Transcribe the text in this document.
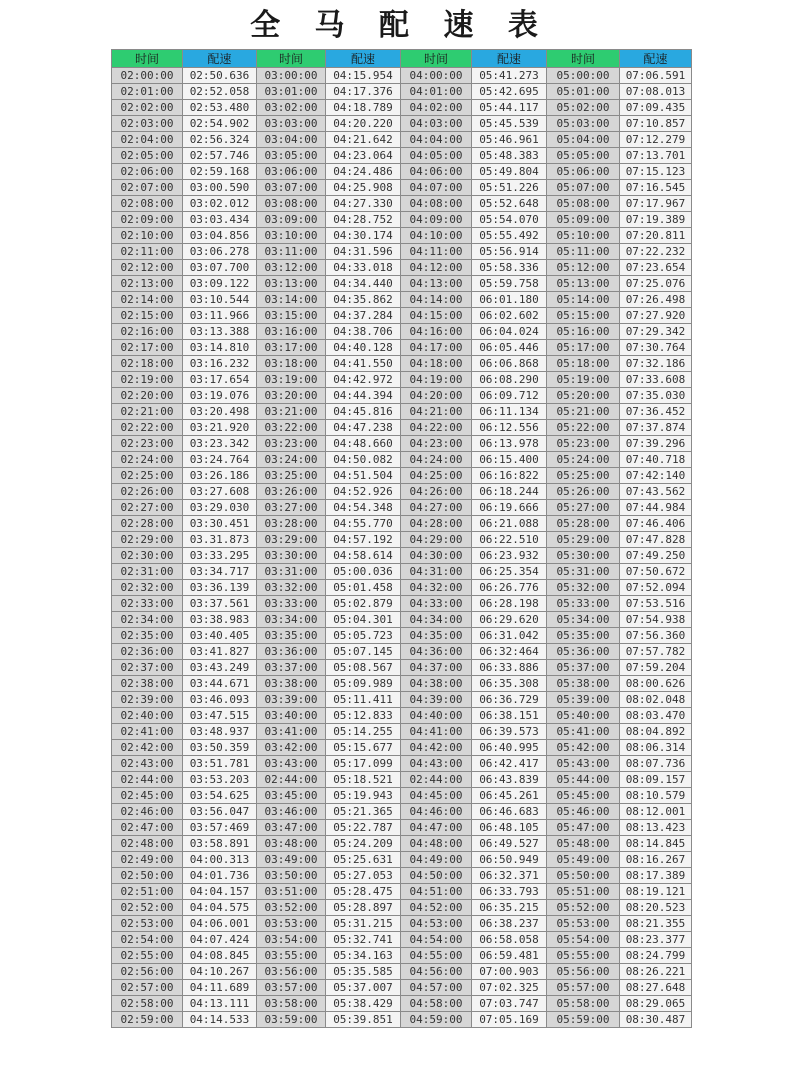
全 马 配 速 表
时间	配速	时间	配速	时间	配速	时间	配速
02:00:00	02:50.636	03:00:00	04:15.954	04:00:00	05:41.273	05:00:00	07:06.591
02:01:00	02:52.058	03:01:00	04:17.376	04:01:00	05:42.695	05:01:00	07:08.013
02:02:00	02:53.480	03:02:00	04:18.789	04:02:00	05:44.117	05:02:00	07:09.435
02:03:00	02:54.902	03:03:00	04:20.220	04:03:00	05:45.539	05:03:00	07:10.857
02:04:00	02:56.324	03:04:00	04:21.642	04:04:00	05:46.961	05:04:00	07:12.279
02:05:00	02:57.746	03:05:00	04:23.064	04:05:00	05:48.383	05:05:00	07:13.701
02:06:00	02:59.168	03:06:00	04:24.486	04:06:00	05:49.804	05:06:00	07:15.123
02:07:00	03:00.590	03:07:00	04:25.908	04:07:00	05:51.226	05:07:00	07:16.545
02:08:00	03:02.012	03:08:00	04:27.330	04:08:00	05:52.648	05:08:00	07:17.967
02:09:00	03:03.434	03:09:00	04:28.752	04:09:00	05:54.070	05:09:00	07:19.389
02:10:00	03:04.856	03:10:00	04:30.174	04:10:00	05:55.492	05:10:00	07:20.811
02:11:00	03:06.278	03:11:00	04:31.596	04:11:00	05:56.914	05:11:00	07:22.232
02:12:00	03:07.700	03:12:00	04:33.018	04:12:00	05:58.336	05:12:00	07:23.654
02:13:00	03:09.122	03:13:00	04:34.440	04:13:00	05:59.758	05:13:00	07:25.076
02:14:00	03:10.544	03:14:00	04:35.862	04:14:00	06:01.180	05:14:00	07:26.498
02:15:00	03:11.966	03:15:00	04:37.284	04:15:00	06:02.602	05:15:00	07:27.920
02:16:00	03:13.388	03:16:00	04:38.706	04:16:00	06:04.024	05:16:00	07:29.342
02:17:00	03:14.810	03:17:00	04:40.128	04:17:00	06:05.446	05:17:00	07:30.764
02:18:00	03:16.232	03:18:00	04:41.550	04:18:00	06:06.868	05:18:00	07:32.186
02:19:00	03:17.654	03:19:00	04:42.972	04:19:00	06:08.290	05:19:00	07:33.608
02:20:00	03:19.076	03:20:00	04:44.394	04:20:00	06:09.712	05:20:00	07:35.030
02:21:00	03:20.498	03:21:00	04:45.816	04:21:00	06:11.134	05:21:00	07:36.452
02:22:00	03:21.920	03:22:00	04:47.238	04:22:00	06:12.556	05:22:00	07:37.874
02:23:00	03:23.342	03:23:00	04:48.660	04:23:00	06:13.978	05:23:00	07:39.296
02:24:00	03:24.764	03:24:00	04:50.082	04:24:00	06:15.400	05:24:00	07:40.718
02:25:00	03:26.186	03:25:00	04:51.504	04:25:00	06:16:822	05:25:00	07:42:140
02:26:00	03:27.608	03:26:00	04:52.926	04:26:00	06:18.244	05:26:00	07:43.562
02:27:00	03:29.030	03:27:00	04:54.348	04:27:00	06:19.666	05:27:00	07:44.984
02:28:00	03:30.451	03:28:00	04:55.770	04:28:00	06:21.088	05:28:00	07:46.406
02:29:00	03.31.873	03:29:00	04:57.192	04:29:00	06:22.510	05:29:00	07:47.828
02:30:00	03:33.295	03:30:00	04:58.614	04:30:00	06:23.932	05:30:00	07:49.250
02:31:00	03:34.717	03:31:00	05:00.036	04:31:00	06:25.354	05:31:00	07:50.672
02:32:00	03:36.139	03:32:00	05:01.458	04:32:00	06:26.776	05:32:00	07:52.094
02:33:00	03:37.561	03:33:00	05:02.879	04:33:00	06:28.198	05:33:00	07:53.516
02:34:00	03:38.983	03:34:00	05:04.301	04:34:00	06:29.620	05:34:00	07:54.938
02:35:00	03:40.405	03:35:00	05:05.723	04:35:00	06:31.042	05:35:00	07:56.360
02:36:00	03:41.827	03:36:00	05:07.145	04:36:00	06:32:464	05:36:00	07:57.782
02:37:00	03:43.249	03:37:00	05:08.567	04:37:00	06:33.886	05:37:00	07:59.204
02:38:00	03:44.671	03:38:00	05:09.989	04:38:00	06:35.308	05:38:00	08:00.626
02:39:00	03:46.093	03:39:00	05:11.411	04:39:00	06:36.729	05:39:00	08:02.048
02:40:00	03:47.515	03:40:00	05:12.833	04:40:00	06:38.151	05:40:00	08:03.470
02:41:00	03:48.937	03:41:00	05:14.255	04:41:00	06:39.573	05:41:00	08:04.892
02:42:00	03:50.359	03:42:00	05:15.677	04:42:00	06:40.995	05:42:00	08:06.314
02:43:00	03:51.781	03:43:00	05:17.099	04:43:00	06:42.417	05:43:00	08:07.736
02:44:00	03:53.203	02:44:00	05:18.521	02:44:00	06:43.839	05:44:00	08:09.157
02:45:00	03:54.625	03:45:00	05:19.943	04:45:00	06:45.261	05:45:00	08:10.579
02:46:00	03:56.047	03:46:00	05:21.365	04:46:00	06:46.683	05:46:00	08:12.001
02:47:00	03:57:469	03:47:00	05:22.787	04:47:00	06:48.105	05:47:00	08:13.423
02:48:00	03:58.891	03:48:00	05:24.209	04:48:00	06:49.527	05:48:00	08:14.845
02:49:00	04:00.313	03:49:00	05:25.631	04:49:00	06:50.949	05:49:00	08:16.267
02:50:00	04:01.736	03:50:00	05:27.053	04:50:00	06:32.371	05:50:00	08:17.389
02:51:00	04:04.157	03:51:00	05:28.475	04:51:00	06:33.793	05:51:00	08:19.121
02:52:00	04:04.575	03:52:00	05:28.897	04:52:00	06:35.215	05:52:00	08:20.523
02:53:00	04:06.001	03:53:00	05:31.215	04:53:00	06:38.237	05:53:00	08:21.355
02:54:00	04:07.424	03:54:00	05:32.741	04:54:00	06:58.058	05:54:00	08:23.377
02:55:00	04:08.845	03:55:00	05:34.163	04:55:00	06:59.481	05:55:00	08:24.799
02:56:00	04:10.267	03:56:00	05:35.585	04:56:00	07:00.903	05:56:00	08:26.221
02:57:00	04:11.689	03:57:00	05:37.007	04:57:00	07:02.325	05:57:00	08:27.648
02:58:00	04:13.111	03:58:00	05:38.429	04:58:00	07:03.747	05:58:00	08:29.065
02:59:00	04:14.533	03:59:00	05:39.851	04:59:00	07:05.169	05:59:00	08:30.487
